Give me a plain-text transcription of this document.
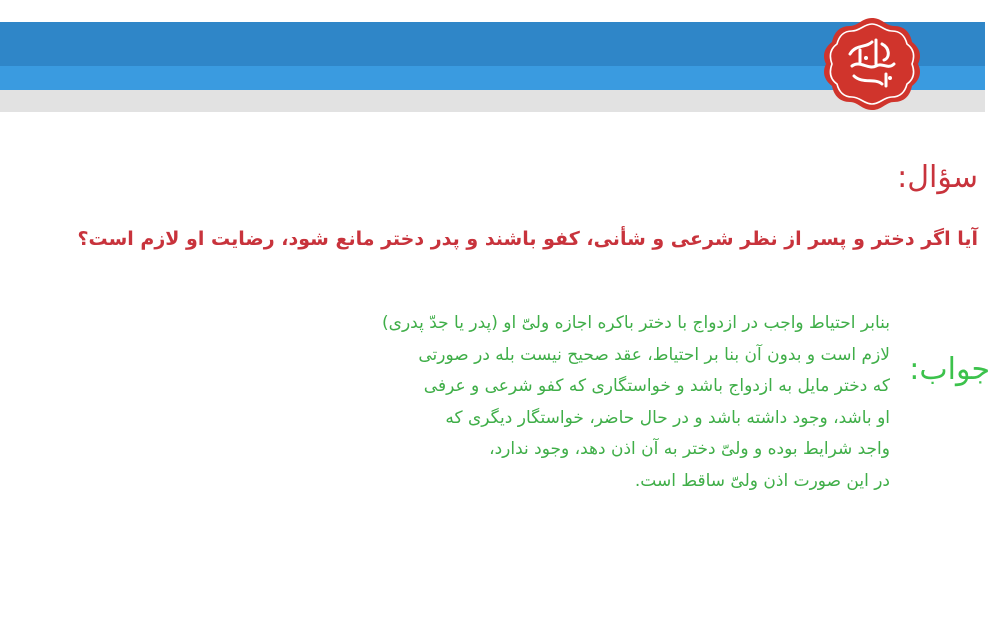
سؤال:
آیا اگر دختر و پسر از نظر شرعی و شأنی، کفو باشند و پدر دختر مانع شود، رضایت او لازم است؟
جواب:
بنابر احتیاط واجب در ازدواج با دختر باکره اجازه ولیّ او (پدر یا جدّ پدری)
لازم است و بدون آن بنا بر احتیاط، عقد صحیح نیست بله در صورتی
که دختر مایل به ازدواج باشد و خواستگاری که کفو شرعی و عرفی
او باشد، وجود داشته باشد و در حال حاضر، خواستگار دیگری که
واجد شرایط بوده و ولیّ دختر به آن اذن دهد، وجود ندارد،
در این صورت اذن ولیّ ساقط است.
